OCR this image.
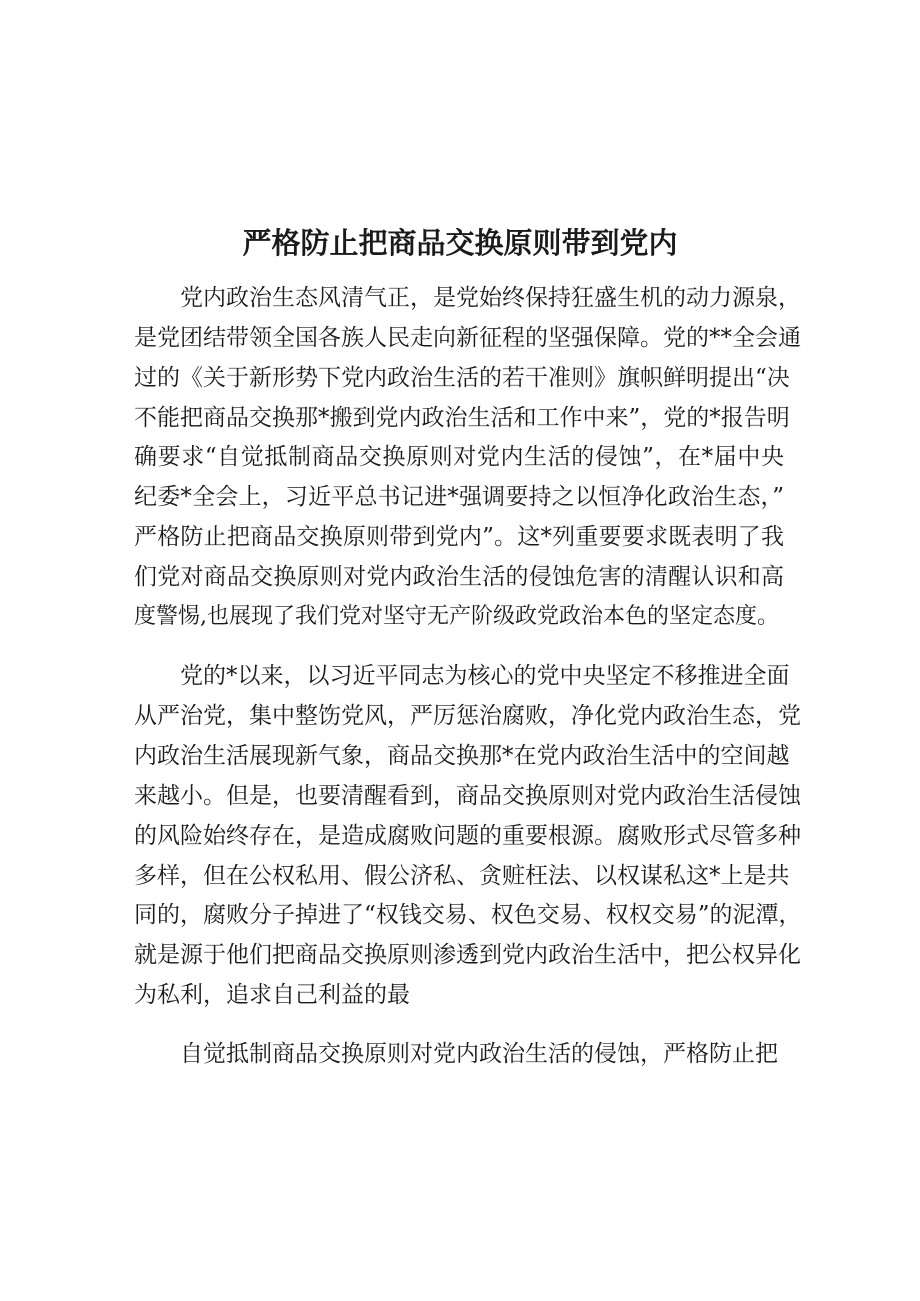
严格防止把商品交换原则带到党内
党内政治生态风清气正，是党始终保持狂盛生机的动力源泉，
是党团结带领全国各族人民走向新征程的坚强保障。党的**全会通
过的《关于新形势下党内政治生活的若干准则》旗帜鲜明提出“决
不能把商品交换那*搬到党内政治生活和工作中来”，党的*报告明
确要求“自觉抵制商品交换原则对党内生活的侵蚀”，在*届中央
纪委*全会上，习近平总书记进*强调要持之以恒净化政治生态，”
严格防止把商品交换原则带到党内”。这*列重要要求既表明了我
们党对商品交换原则对党内政治生活的侵蚀危害的清醒认识和高
度警惕,也展现了我们党对坚守无产阶级政党政治本色的坚定态度。
党的*以来，以习近平同志为核心的党中央坚定不移推进全面
从严治党，集中整饬党风，严厉惩治腐败，净化党内政治生态，党
内政治生活展现新气象，商品交换那*在党内政治生活中的空间越
来越小。但是，也要清醒看到，商品交换原则对党内政治生活侵蚀
的风险始终存在，是造成腐败问题的重要根源。腐败形式尽管多种
多样，但在公权私用、假公济私、贪赃枉法、以权谋私这*上是共
同的，腐败分子掉进了“权钱交易、权色交易、权权交易”的泥潭，
就是源于他们把商品交换原则渗透到党内政治生活中，把公权异化
为私利，追求自己利益的最
自觉抵制商品交换原则对党内政治生活的侵蚀，严格防止把
